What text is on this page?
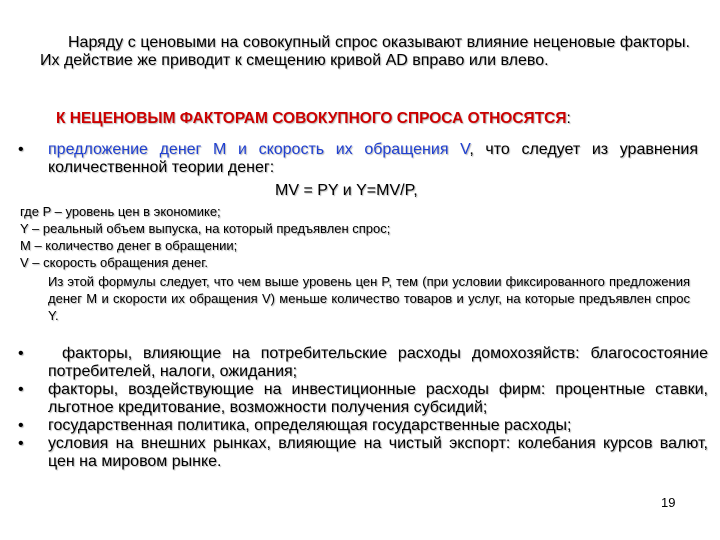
Наряду с ценовыми на совокупный спрос оказывают влияние неценовые факторы. Их действие же приводит к смещению кривой AD вправо или влево.
К НЕЦЕНОВЫМ ФАКТОРАМ СОВОКУПНОГО СПРОСА ОТНОСЯТСЯ:
•	предложение денег M и скорость их обращения V, что следует из уравнения количественной теории денег:
MV = PY и Y=MV/P,
где P – уровень цен в экономике;
Y – реальный объем выпуска, на который предъявлен спрос;
M – количество денег в обращении;
V – скорость обращения денег.
Из этой формулы следует, что чем выше уровень цен P, тем (при условии фиксированного предложения денег M и скорости их обращения V) меньше количество товаров и услуг, на которые предъявлен спрос Y.
•	факторы, влияющие на потребительские расходы домохозяйств: благосостояние потребителей, налоги, ожидания;
• факторы, воздействующие на инвестиционные расходы фирм: процентные ставки, льготное кредитование, возможности получения субсидий;
• государственная политика, определяющая государственные расходы;
• условия на внешних рынках, влияющие на чистый экспорт: колебания курсов валют, цен на мировом рынке.
19
